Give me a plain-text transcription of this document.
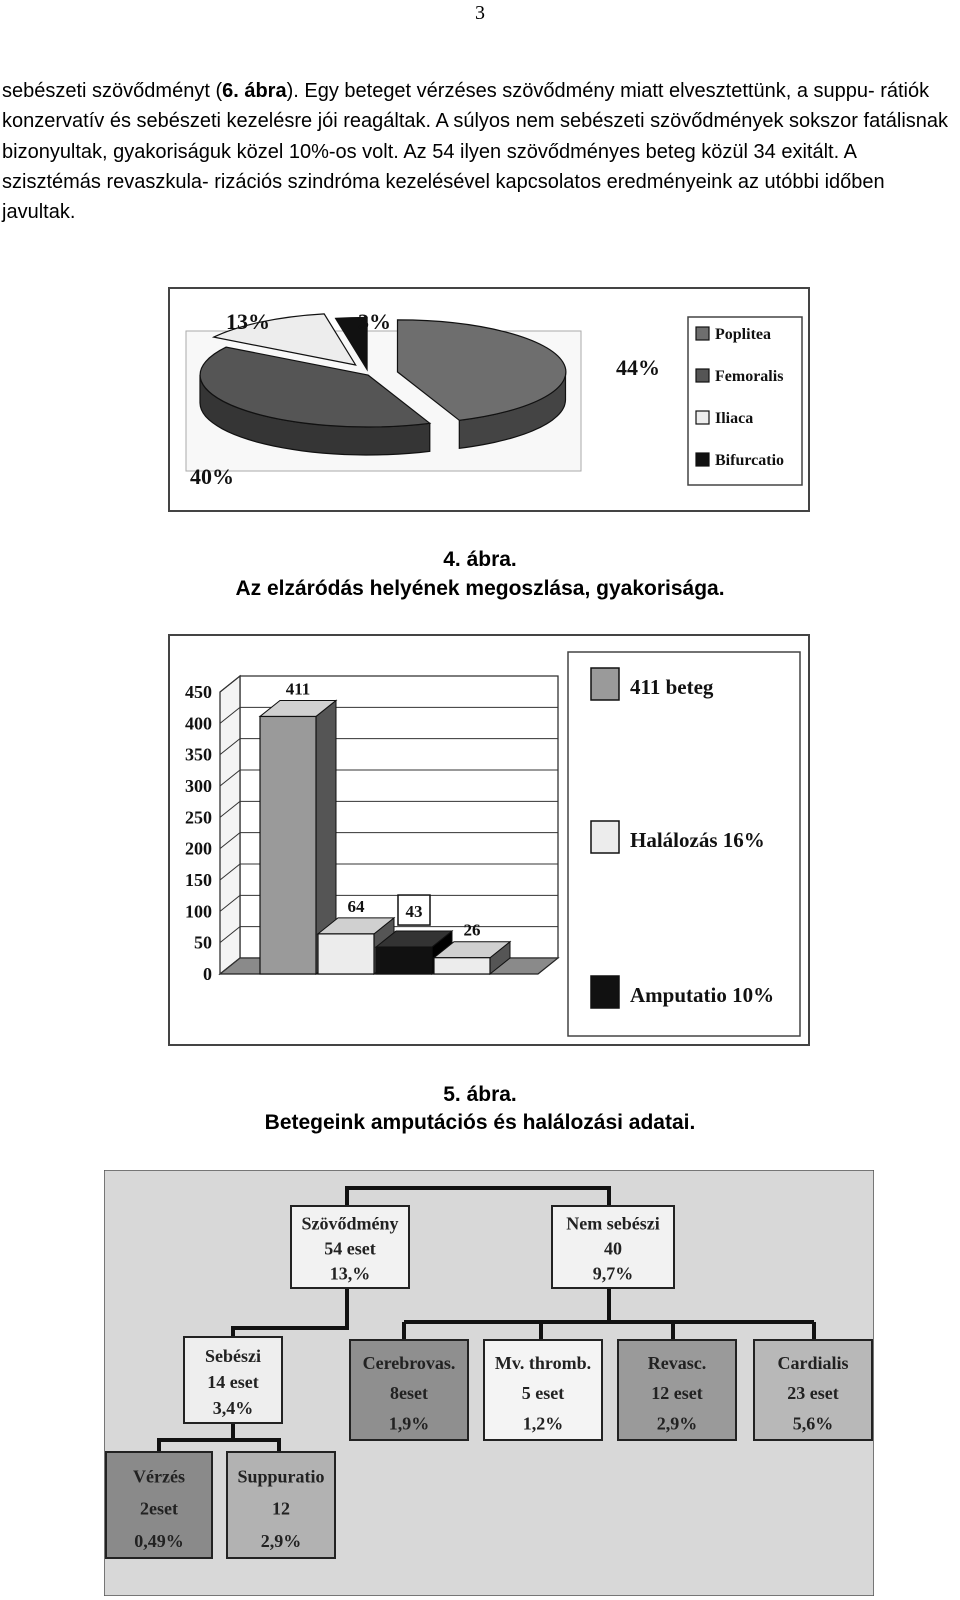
3

sebészeti szövődményt (6. ábra). Egy beteget vérzéses szövődmény miatt elvesztettünk, a suppu- rátiók konzervatív és sebészeti kezelésre jói reagáltak. A súlyos nem sebészeti szövődmények sokszor fatálisnak bizonyultak, gyakoriságuk közel 10%-os volt. Az 54 ilyen szövődményes beteg közül 34 exitált. A szisztémás revaszkula- rizációs szindróma kezelésével kapcsolatos eredményeink az utóbbi időben javultak.

44%
40%
13%	3%
Poplitea
Femoralis
Iliaca
Bifurcatio
4. ábra.
Az elzáródás helyének megoszlása, gyakorisága.
450
400
350
300
250
200
150
100
50
0
411
64 43
26
411 beteg
Halálozás 16%
Amputatio 10%
5. ábra.
Betegeink amputációs és halálozási adatai.
Szövődmény
54 eset
13,%
Nem sebészi
40
9,7%
Sebészi
14 eset
3,4%
Cerebrovas.
8eset
1,9%
Mv. thromb.
5 eset
1,2%
Revasc.
12 eset
2,9%
Cardialis
23 eset
5,6%
Vérzés
2eset
0,49%
Suppuratio
12
2,9%
